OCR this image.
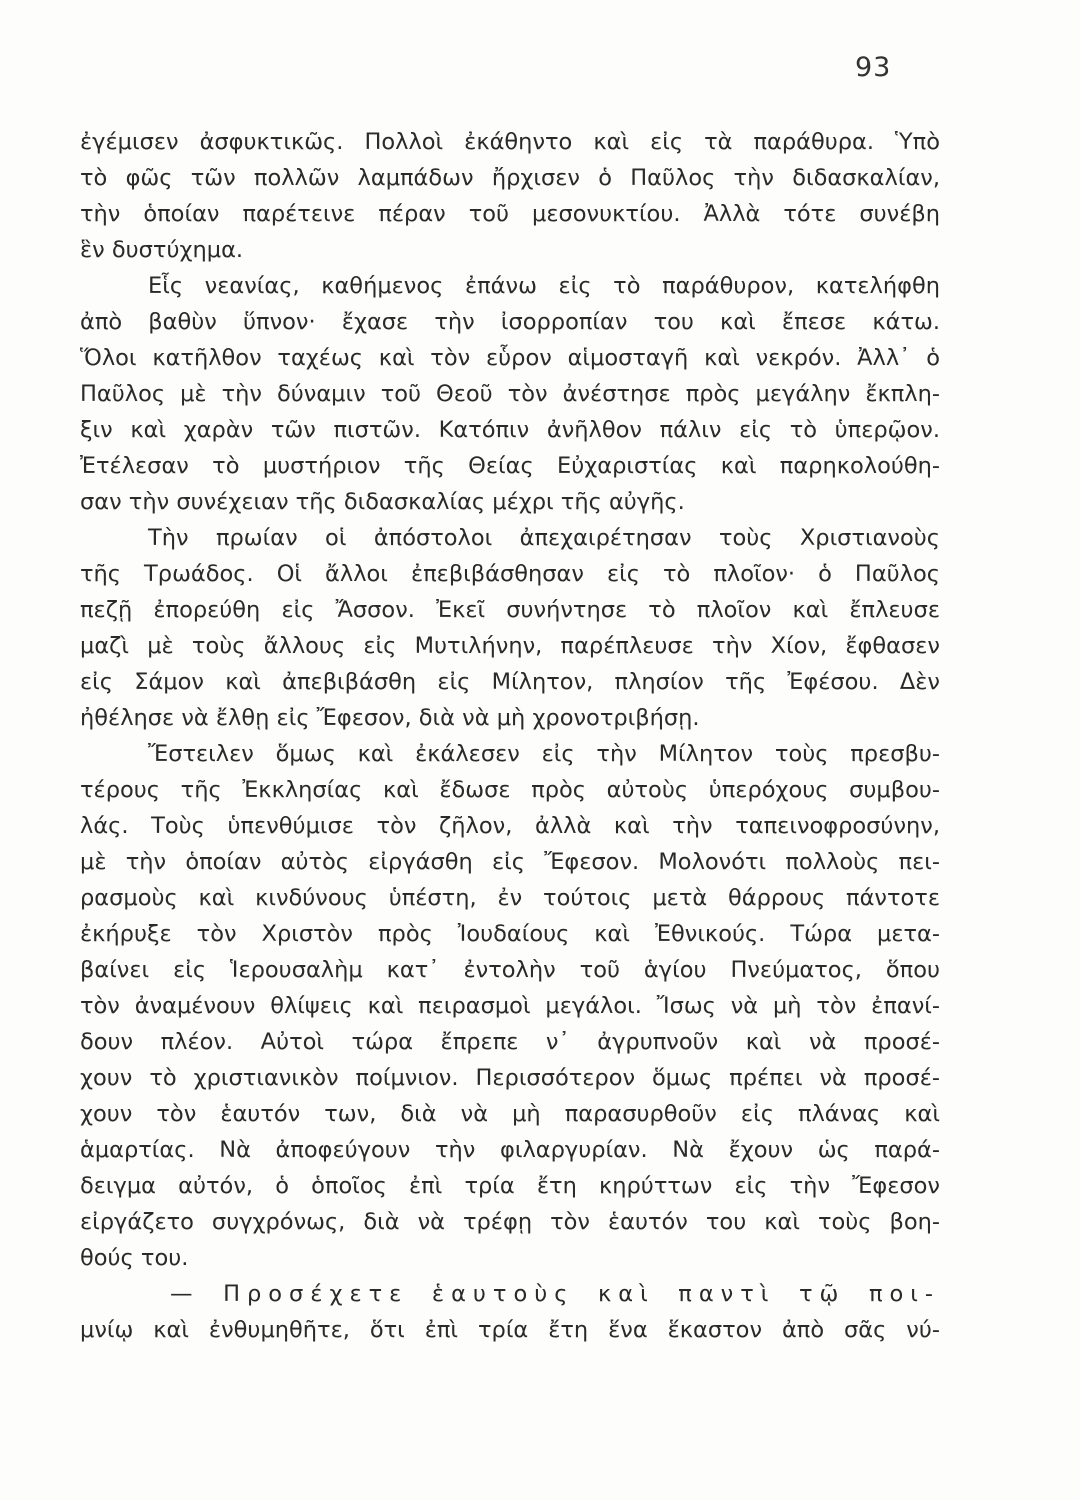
93
ἐγέμισεν ἀσφυκτικῶς. Πολλοὶ ἐκάθηντο καὶ εἰς τὰ παράθυρα. Ὑπὸ
τὸ φῶς τῶν πολλῶν λαμπάδων ἤρχισεν ὁ Παῦλος τὴν διδασκαλίαν,
τὴν ὁποίαν παρέτεινε πέραν τοῦ μεσονυκτίου. Ἀλλὰ τότε συνέβη
ἓν δυστύχημα.
Εἷς νεανίας, καθήμενος ἐπάνω εἰς τὸ παράθυρον, κατελήφθη
ἀπὸ βαθὺν ὕπνον· ἔχασε τὴν ἰσορροπίαν του καὶ ἔπεσε κάτω.
Ὅλοι κατῆλθον ταχέως καὶ τὸν εὗρον αἱμοσταγῆ καὶ νεκρόν. Ἀλλ᾽ ὁ
Παῦλος μὲ τὴν δύναμιν τοῦ Θεοῦ τὸν ἀνέστησε πρὸς μεγάλην ἔκπλη-
ξιν καὶ χαρὰν τῶν πιστῶν. Κατόπιν ἀνῆλθον πάλιν εἰς τὸ ὑπερῷον.
Ἐτέλεσαν τὸ μυστήριον τῆς Θείας Εὐχαριστίας καὶ παρηκολούθη-
σαν τὴν συνέχειαν τῆς διδασκαλίας μέχρι τῆς αὐγῆς.
Τὴν πρωίαν οἱ ἀπόστολοι ἀπεχαιρέτησαν τοὺς Χριστιανοὺς
τῆς Τρωάδος. Οἱ ἄλλοι ἐπεβιβάσθησαν εἰς τὸ πλοῖον· ὁ Παῦλος
πεζῇ ἐπορεύθη εἰς Ἄσσον. Ἐκεῖ συνήντησε τὸ πλοῖον καὶ ἔπλευσε
μαζὶ μὲ τοὺς ἄλλους εἰς Μυτιλήνην, παρέπλευσε τὴν Χίον, ἔφθασεν
εἰς Σάμον καὶ ἀπεβιβάσθη εἰς Μίλητον, πλησίον τῆς Ἐφέσου. Δὲν
ἠθέλησε νὰ ἔλθῃ εἰς Ἔφεσον, διὰ νὰ μὴ χρονοτριβήσῃ.
Ἔστειλεν ὅμως καὶ ἐκάλεσεν εἰς τὴν Μίλητον τοὺς πρεσβυ-
τέρους τῆς Ἐκκλησίας καὶ ἔδωσε πρὸς αὐτοὺς ὑπερόχους συμβου-
λάς. Τοὺς ὑπενθύμισε τὸν ζῆλον, ἀλλὰ καὶ τὴν ταπεινοφροσύνην,
μὲ τὴν ὁποίαν αὐτὸς εἰργάσθη εἰς Ἔφεσον. Μολονότι πολλοὺς πει-
ρασμοὺς καὶ κινδύνους ὑπέστη, ἐν τούτοις μετὰ θάρρους πάντοτε
ἐκήρυξε τὸν Χριστὸν πρὸς Ἰουδαίους καὶ Ἐθνικούς. Τώρα μετα-
βαίνει εἰς Ἱερουσαλὴμ κατ᾽ ἐντολὴν τοῦ ἁγίου Πνεύματος, ὅπου
τὸν ἀναμένουν θλίψεις καὶ πειρασμοὶ μεγάλοι. Ἴσως νὰ μὴ τὸν ἐπανί-
δουν πλέον. Αὐτοὶ τώρα ἔπρεπε ν᾽ ἀγρυπνοῦν καὶ νὰ προσέ-
χουν τὸ χριστιανικὸν ποίμνιον. Περισσότερον ὅμως πρέπει νὰ προσέ-
χουν τὸν ἑαυτόν των, διὰ νὰ μὴ παρασυρθοῦν εἰς πλάνας καὶ
ἁμαρτίας. Νὰ ἀποφεύγουν τὴν φιλαργυρίαν. Νὰ ἔχουν ὡς παρά-
δειγμα αὐτόν, ὁ ὁποῖος ἐπὶ τρία ἔτη κηρύττων εἰς τὴν Ἔφεσον
εἰργάζετο συγχρόνως, διὰ νὰ τρέφῃ τὸν ἑαυτόν του καὶ τοὺς βοη-
θούς του.
— Προσέχετε ἑαυτοὺς καὶ παντὶ τῷ ποι-
μνίῳ καὶ ἐνθυμηθῆτε, ὅτι ἐπὶ τρία ἔτη ἕνα ἕκαστον ἀπὸ σᾶς νύ-
